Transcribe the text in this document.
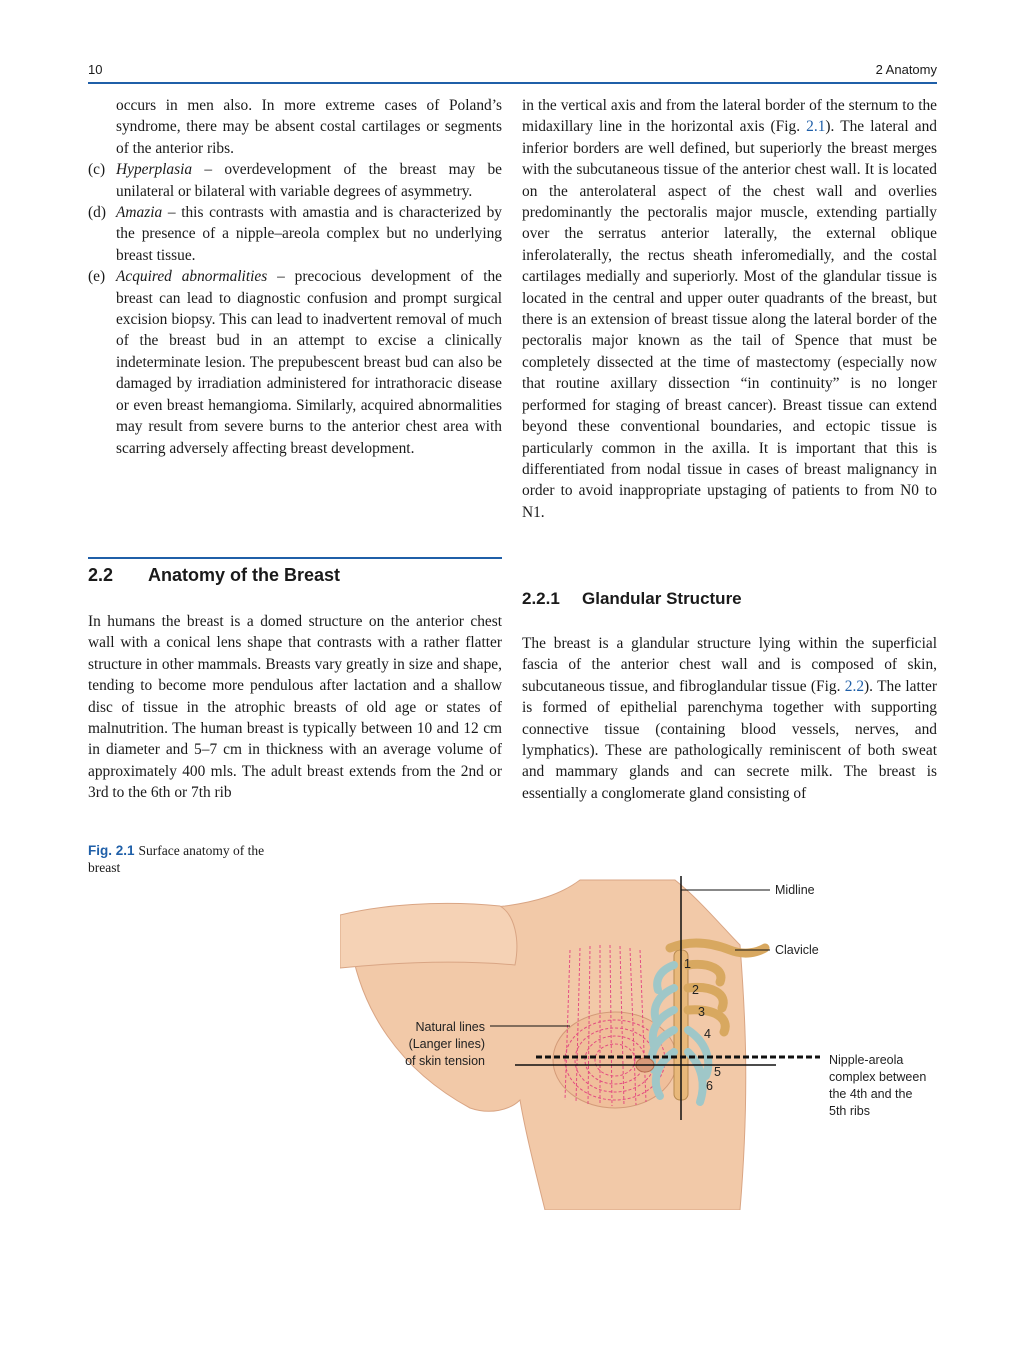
10	2 Anatomy

occurs in men also. In more extreme cases of Poland’s syndrome, there may be absent costal cartilages or segments of the anterior ribs.

(c) Hyperplasia – overdevelopment of the breast may be unilateral or bilateral with variable degrees of asymmetry.
(d) Amazia – this contrasts with amastia and is characterized by the presence of a nipple–areola complex but no underlying breast tissue.
(e) Acquired abnormalities – precocious development of the breast can lead to diagnostic confusion and prompt surgical excision biopsy. This can lead to inadvertent removal of much of the breast bud in an attempt to excise a clinically indeterminate lesion. The prepubescent breast bud can also be damaged by irradiation administered for intrathoracic disease or even breast hemangioma. Similarly, acquired abnormalities may result from severe burns to the anterior chest area with scarring adversely affecting breast development.
2.2 Anatomy of the Breast
In humans the breast is a domed structure on the anterior chest wall with a conical lens shape that contrasts with a rather flatter structure in other mammals. Breasts vary greatly in size and shape, tending to become more pendulous after lactation and a shallow disc of tissue in the atrophic breasts of old age or states of malnutrition. The human breast is typically between 10 and 12 cm in diameter and 5–7 cm in thickness with an average volume of approximately 400 mls. The adult breast extends from the 2nd or 3rd to the 6th or 7th rib
in the vertical axis and from the lateral border of the sternum to the midaxillary line in the horizontal axis (Fig. 2.1). The lateral and inferior borders are well defined, but superiorly the breast merges with the subcutaneous tissue of the anterior chest wall. It is located on the anterolateral aspect of the chest wall and overlies predominantly the pectoralis major muscle, extending partially over the serratus anterior laterally, the external oblique inferolaterally, the rectus sheath inferomedially, and the costal cartilages medially and superiorly. Most of the glandular tissue is located in the central and upper outer quadrants of the breast, but there is an extension of breast tissue along the lateral border of the pectoralis major known as the tail of Spence that must be completely dissected at the time of mastectomy (especially now that routine axillary dissection “in continuity” is no longer performed for staging of breast cancer). Breast tissue can extend beyond these conventional boundaries, and ectopic tissue is particularly common in the axilla. It is important that this is differentiated from nodal tissue in cases of breast malignancy in order to avoid inappropriate upstaging of patients to from N0 to N1.
2.2.1 Glandular Structure
The breast is a glandular structure lying within the superficial fascia of the anterior chest wall and is composed of skin, subcutaneous tissue, and fibroglandular tissue (Fig. 2.2). The latter is formed of epithelial parenchyma together with supporting connective tissue (containing blood vessels, nerves, and lymphatics). These are pathologically reminiscent of both sweat and mammary glands and can secrete milk. The breast is essentially a conglomerate gland consisting of
Fig. 2.1 Surface anatomy of the breast
Midline
Clavicle
1
2
3
4
5
6
Natural lines
(Langer lines)
of skin tension	Nipple-areola
complex between
the 4th and the
5th ribs
